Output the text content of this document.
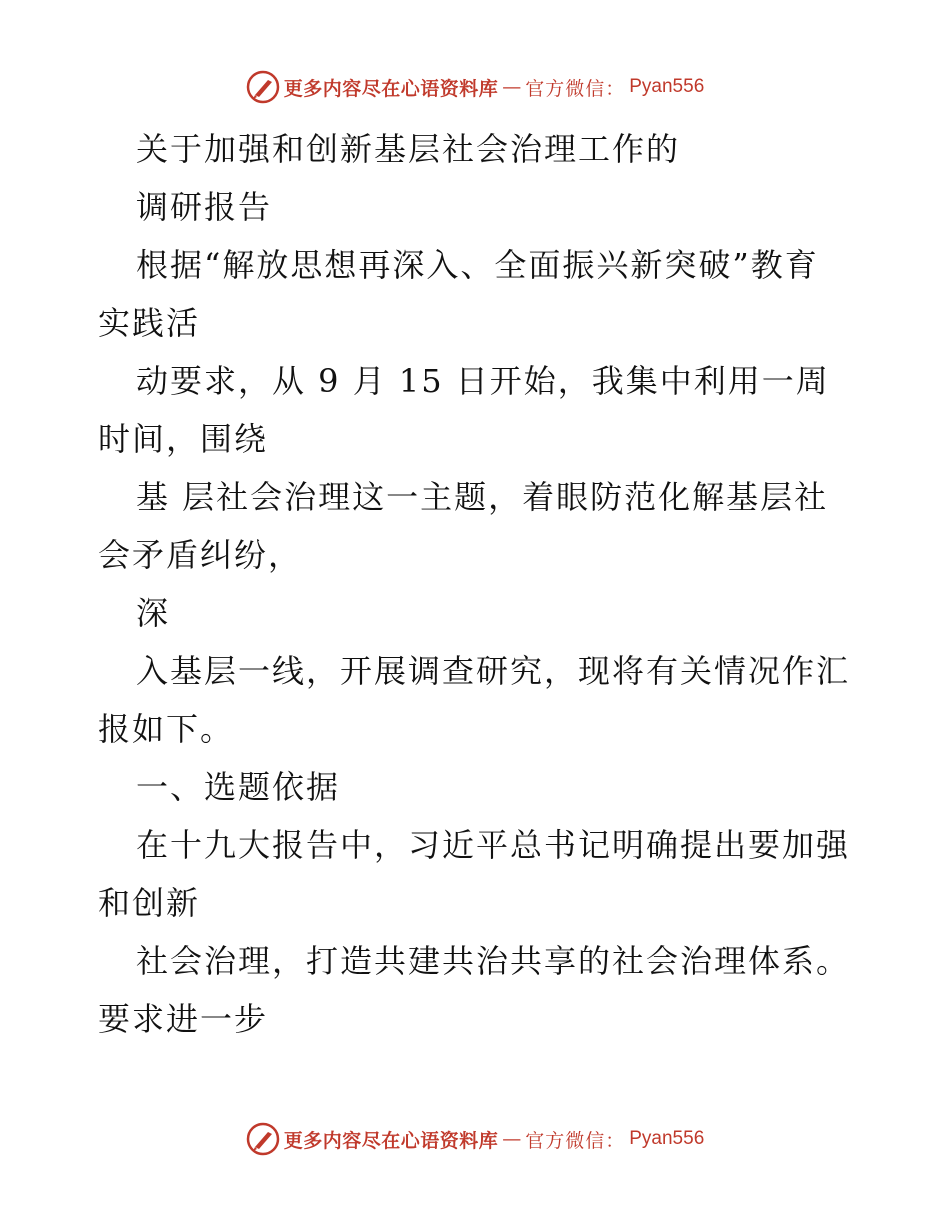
更多内容尽在心语资料库 — 官方微信： Pyan556
关于加强和创新基层社会治理工作的
调研报告
根据“解放思想再深入、全面振兴新突破”教育
实践活
动要求，从 9 月 15 日开始，我集中利用一周
时间，围绕
基 层社会治理这一主题，着眼防范化解基层社
会矛盾纠纷，
深
入基层一线，开展调查研究，现将有关情况作汇
报如下。
一、选题依据
在十九大报告中，习近平总书记明确提出要加强
和创新
社会治理，打造共建共治共享的社会治理体系。
要求进一步
更多内容尽在心语资料库 — 官方微信： Pyan556
